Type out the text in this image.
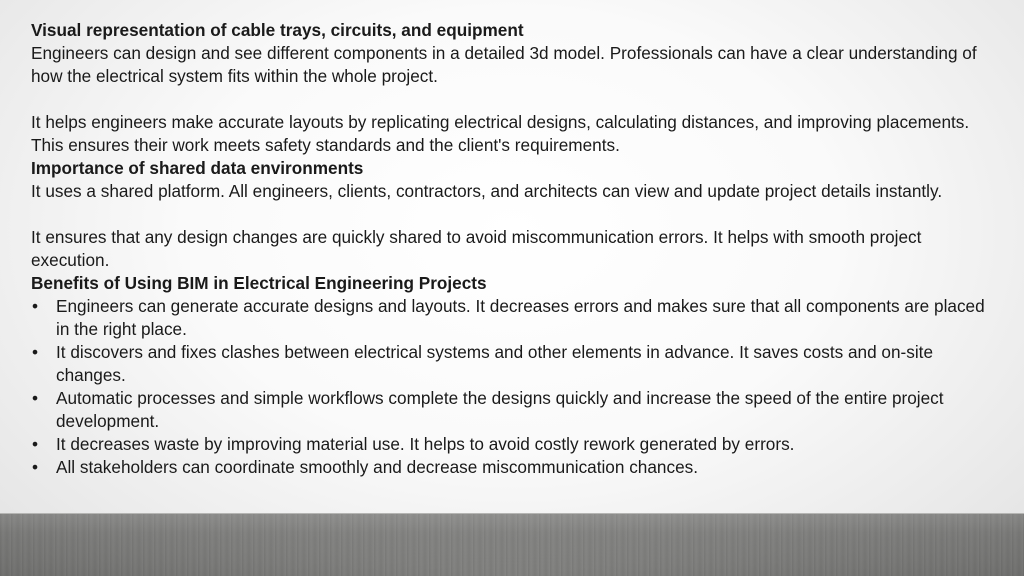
Visual representation of cable trays, circuits, and equipment

Engineers can design and see different components in a detailed 3d model. Professionals can have a clear understanding of how the electrical system fits within the whole project.

It helps engineers make accurate layouts by replicating electrical designs, calculating distances, and improving placements. This ensures their work meets safety standards and the client's requirements.

Importance of shared data environments

It uses a shared platform. All engineers, clients, contractors, and architects can view and update project details instantly.

It ensures that any design changes are quickly shared to avoid miscommunication errors. It helps with smooth project execution.

Benefits of Using BIM in Electrical Engineering Projects
• Engineers can generate accurate designs and layouts. It decreases errors and makes sure that all components are placed in the right place.
• It discovers and fixes clashes between electrical systems and other elements in advance. It saves costs and on-site changes.
• Automatic processes and simple workflows complete the designs quickly and increase the speed of the entire project development.
• It decreases waste by improving material use. It helps to avoid costly rework generated by errors.
• All stakeholders can coordinate smoothly and decrease miscommunication chances.
